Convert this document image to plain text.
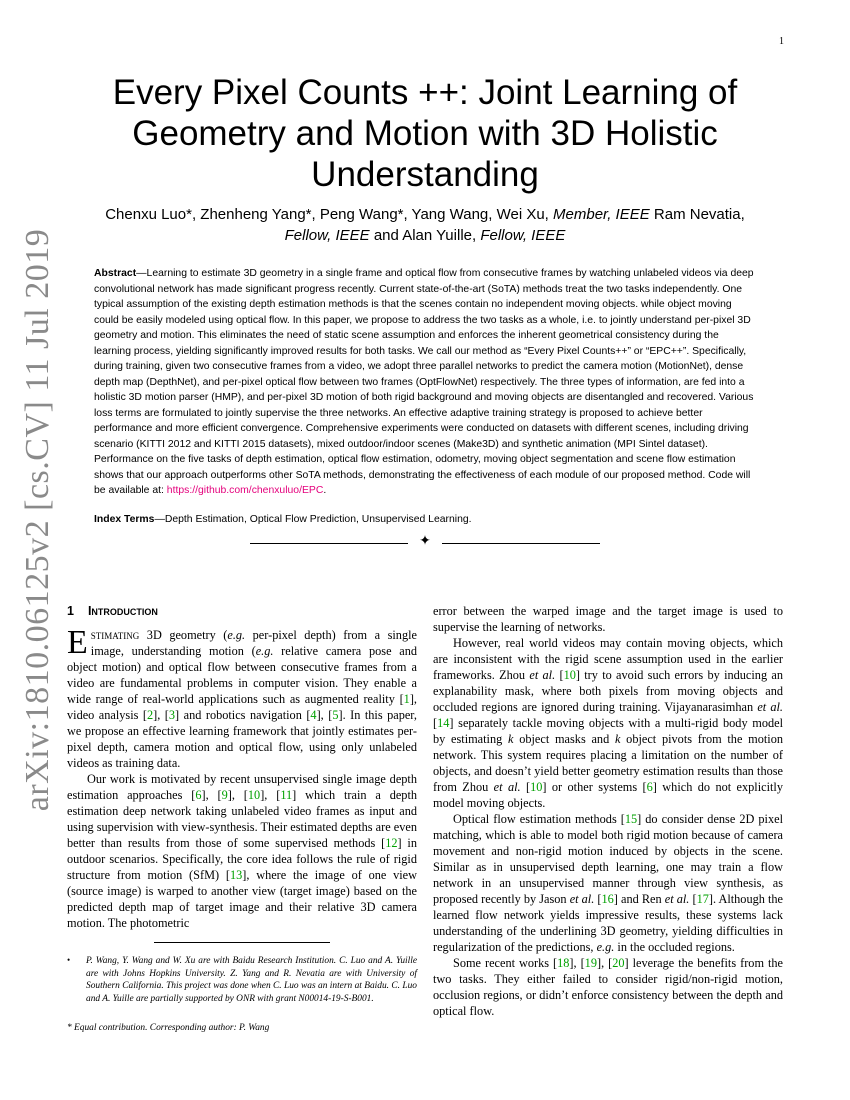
1
arXiv:1810.06125v2 [cs.CV] 11 Jul 2019
Every Pixel Counts ++: Joint Learning of Geometry and Motion with 3D Holistic Understanding
Chenxu Luo*, Zhenheng Yang*, Peng Wang*, Yang Wang, Wei Xu, Member, IEEE Ram Nevatia, Fellow, IEEE and Alan Yuille, Fellow, IEEE
Abstract—Learning to estimate 3D geometry in a single frame and optical flow from consecutive frames by watching unlabeled videos via deep convolutional network has made significant progress recently. Current state-of-the-art (SoTA) methods treat the two tasks independently. One typical assumption of the existing depth estimation methods is that the scenes contain no independent moving objects. while object moving could be easily modeled using optical flow. In this paper, we propose to address the two tasks as a whole, i.e. to jointly understand per-pixel 3D geometry and motion. This eliminates the need of static scene assumption and enforces the inherent geometrical consistency during the learning process, yielding significantly improved results for both tasks. We call our method as “Every Pixel Counts++” or “EPC++”. Specifically, during training, given two consecutive frames from a video, we adopt three parallel networks to predict the camera motion (MotionNet), dense depth map (DepthNet), and per-pixel optical flow between two frames (OptFlowNet) respectively. The three types of information, are fed into a holistic 3D motion parser (HMP), and per-pixel 3D motion of both rigid background and moving objects are disentangled and recovered. Various loss terms are formulated to jointly supervise the three networks. An effective adaptive training strategy is proposed to achieve better performance and more efficient convergence. Comprehensive experiments were conducted on datasets with different scenes, including driving scenario (KITTI 2012 and KITTI 2015 datasets), mixed outdoor/indoor scenes (Make3D) and synthetic animation (MPI Sintel dataset). Performance on the five tasks of depth estimation, optical flow estimation, odometry, moving object segmentation and scene flow estimation shows that our approach outperforms other SoTA methods, demonstrating the effectiveness of each module of our proposed method. Code will be available at: https://github.com/chenxuluo/EPC.
Index Terms—Depth Estimation, Optical Flow Prediction, Unsupervised Learning.
✦
1 Introduction

Estimating 3D geometry (e.g. per-pixel depth) from a single image, understanding motion (e.g. relative camera pose and object motion) and optical flow between consecutive frames from a video are fundamental problems in computer vision. They enable a wide range of real-world applications such as augmented reality [1], video analysis [2], [3] and robotics navigation [4], [5]. In this paper, we propose an effective learning framework that jointly estimates per-pixel depth, camera motion and optical flow, using only unlabeled videos as training data.

Our work is motivated by recent unsupervised single image depth estimation approaches [6], [9], [10], [11] which train a depth estimation deep network taking unlabeled video frames as input and using supervision with view-synthesis. Their estimated depths are even better than results from those of some supervised methods [12] in outdoor scenarios. Specifically, the core idea follows the rule of rigid structure from motion (SfM) [13], where the image of one view (source image) is warped to another view (target image) based on the predicted depth map of target image and their relative 3D camera motion. The photometric

error between the warped image and the target image is used to supervise the learning of networks.

However, real world videos may contain moving objects, which are inconsistent with the rigid scene assumption used in the earlier frameworks. Zhou et al. [10] try to avoid such errors by inducing an explanability mask, where both pixels from moving objects and occluded regions are ignored during training. Vijayanarasimhan et al. [14] separately tackle moving objects with a multi-rigid body model by estimating k object masks and k object pivots from the motion network. This system requires placing a limitation on the number of objects, and doesn’t yield better geometry estimation results than those from Zhou et al. [10] or other systems [6] which do not explicitly model moving objects.

Optical flow estimation methods [15] do consider dense 2D pixel matching, which is able to model both rigid motion because of camera movement and non-rigid motion induced by objects in the scene. Similar as in unsupervised depth learning, one may train a flow network in an unsupervised manner through view synthesis, as proposed recently by Jason et al. [16] and Ren et al. [17]. Although the learned flow network yields impressive results, these systems lack understanding of the underlining 3D geometry, yielding difficulties in regularization of the predictions, e.g. in the occluded regions.

Some recent works [18], [19], [20] leverage the benefits from the two tasks. They either failed to consider rigid/non-rigid motion, occlusion regions, or didn’t enforce consistency between the depth and optical flow.

• P. Wang, Y. Wang and W. Xu are with Baidu Research Institution. C. Luo and A. Yuille are with Johns Hopkins University. Z. Yang and R. Nevatia are with University of Southern California. This project was done when C. Luo was an intern at Baidu. C. Luo and A. Yuille are partially supported by ONR with grant N00014-19-S-B001.
* Equal contribution. Corresponding author: P. Wang
